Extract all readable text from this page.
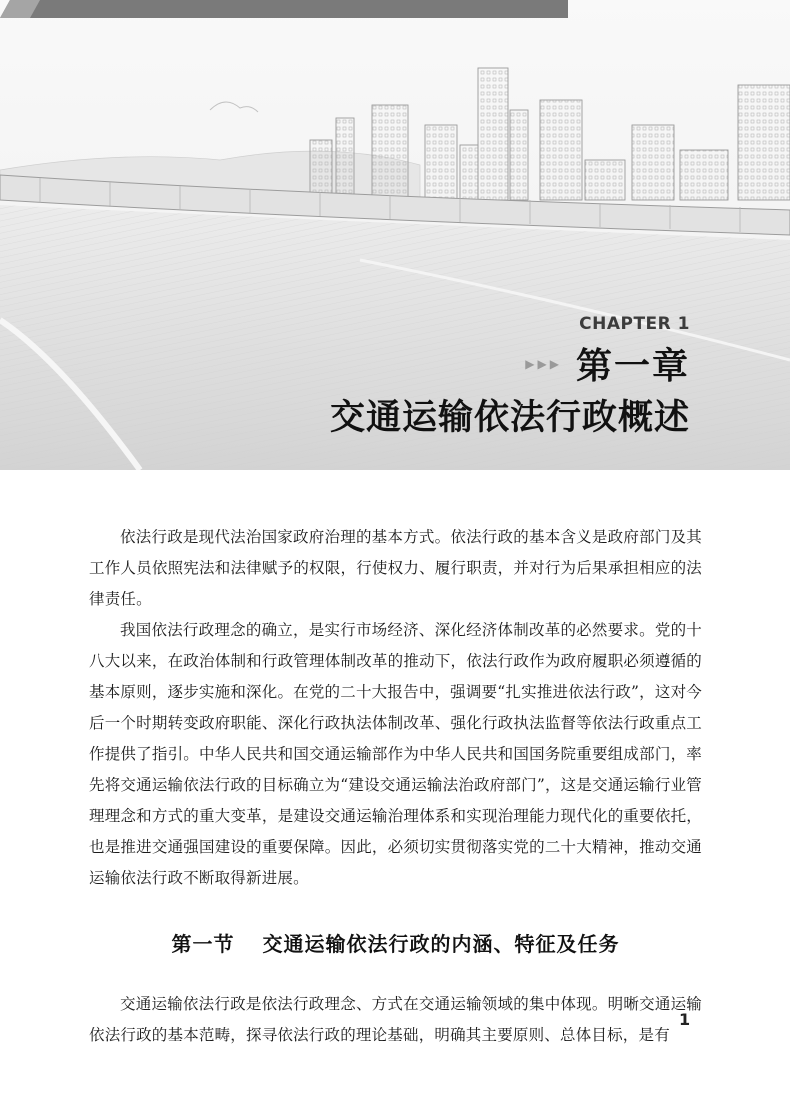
CHAPTER 1
▶ ▶ ▶ 第一章
交通运输依法行政概述

依法行政是现代法治国家政府治理的基本方式。依法行政的基本含义是政府部门及其工作人员依照宪法和法律赋予的权限，行使权力、履行职责，并对行为后果承担相应的法律责任。

我国依法行政理念的确立，是实行市场经济、深化经济体制改革的必然要求。党的十八大以来，在政治体制和行政管理体制改革的推动下，依法行政作为政府履职必须遵循的基本原则，逐步实施和深化。在党的二十大报告中，强调要“扎实推进依法行政”，这对今后一个时期转变政府职能、深化行政执法体制改革、强化行政执法监督等依法行政重点工作提供了指引。中华人民共和国交通运输部作为中华人民共和国国务院重要组成部门，率先将交通运输依法行政的目标确立为“建设交通运输法治政府部门”，这是交通运输行业管理理念和方式的重大变革，是建设交通运输治理体系和实现治理能力现代化的重要依托，也是推进交通强国建设的重要保障。因此，必须切实贯彻落实党的二十大精神，推动交通运输依法行政不断取得新进展。

第一节 交通运输依法行政的内涵、特征及任务

交通运输依法行政是依法行政理念、方式在交通运输领域的集中体现。明晰交通运输依法行政的基本范畴，探寻依法行政的理论基础，明确其主要原则、总体目标，是有

1
